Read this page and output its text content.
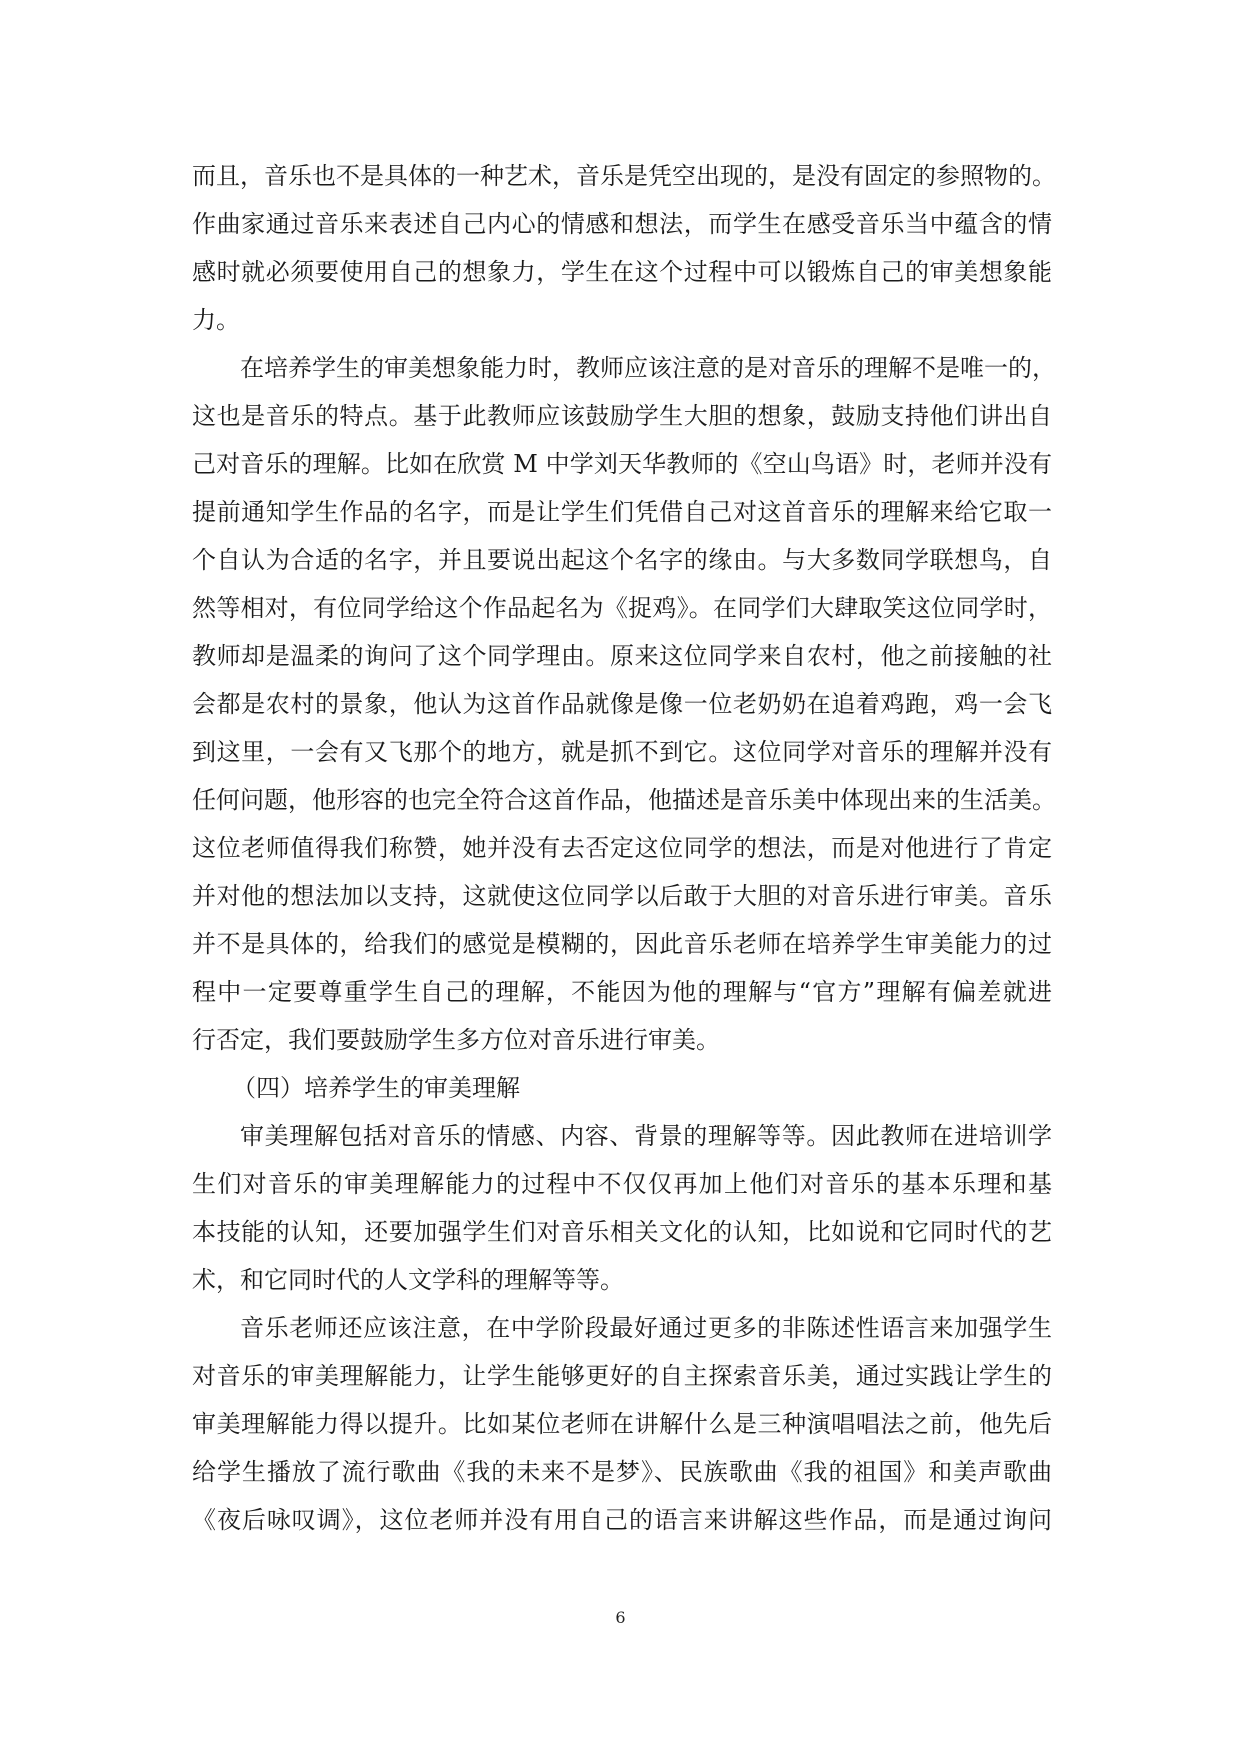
而且，音乐也不是具体的一种艺术，音乐是凭空出现的，是没有固定的参照物的。
作曲家通过音乐来表述自己内心的情感和想法，而学生在感受音乐当中蕴含的情
感时就必须要使用自己的想象力，学生在这个过程中可以锻炼自己的审美想象能
力。
在培养学生的审美想象能力时，教师应该注意的是对音乐的理解不是唯一的，
这也是音乐的特点。基于此教师应该鼓励学生大胆的想象，鼓励支持他们讲出自
己对音乐的理解。比如在欣赏 M 中学刘天华教师的《空山鸟语》时，老师并没有
提前通知学生作品的名字，而是让学生们凭借自己对这首音乐的理解来给它取一
个自认为合适的名字，并且要说出起这个名字的缘由。与大多数同学联想鸟，自
然等相对，有位同学给这个作品起名为《捉鸡》。在同学们大肆取笑这位同学时，
教师却是温柔的询问了这个同学理由。原来这位同学来自农村，他之前接触的社
会都是农村的景象，他认为这首作品就像是像一位老奶奶在追着鸡跑，鸡一会飞
到这里，一会有又飞那个的地方，就是抓不到它。这位同学对音乐的理解并没有
任何问题，他形容的也完全符合这首作品，他描述是音乐美中体现出来的生活美。
这位老师值得我们称赞，她并没有去否定这位同学的想法，而是对他进行了肯定
并对他的想法加以支持，这就使这位同学以后敢于大胆的对音乐进行审美。音乐
并不是具体的，给我们的感觉是模糊的，因此音乐老师在培养学生审美能力的过
程中一定要尊重学生自己的理解，不能因为他的理解与“官方”理解有偏差就进
行否定，我们要鼓励学生多方位对音乐进行审美。
（四）培养学生的审美理解
审美理解包括对音乐的情感、内容、背景的理解等等。因此教师在进培训学
生们对音乐的审美理解能力的过程中不仅仅再加上他们对音乐的基本乐理和基
本技能的认知，还要加强学生们对音乐相关文化的认知，比如说和它同时代的艺
术，和它同时代的人文学科的理解等等。
音乐老师还应该注意，在中学阶段最好通过更多的非陈述性语言来加强学生
对音乐的审美理解能力，让学生能够更好的自主探索音乐美，通过实践让学生的
审美理解能力得以提升。比如某位老师在讲解什么是三种演唱唱法之前，他先后
给学生播放了流行歌曲《我的未来不是梦》、民族歌曲《我的祖国》和美声歌曲
《夜后咏叹调》，这位老师并没有用自己的语言来讲解这些作品，而是通过询问
6
